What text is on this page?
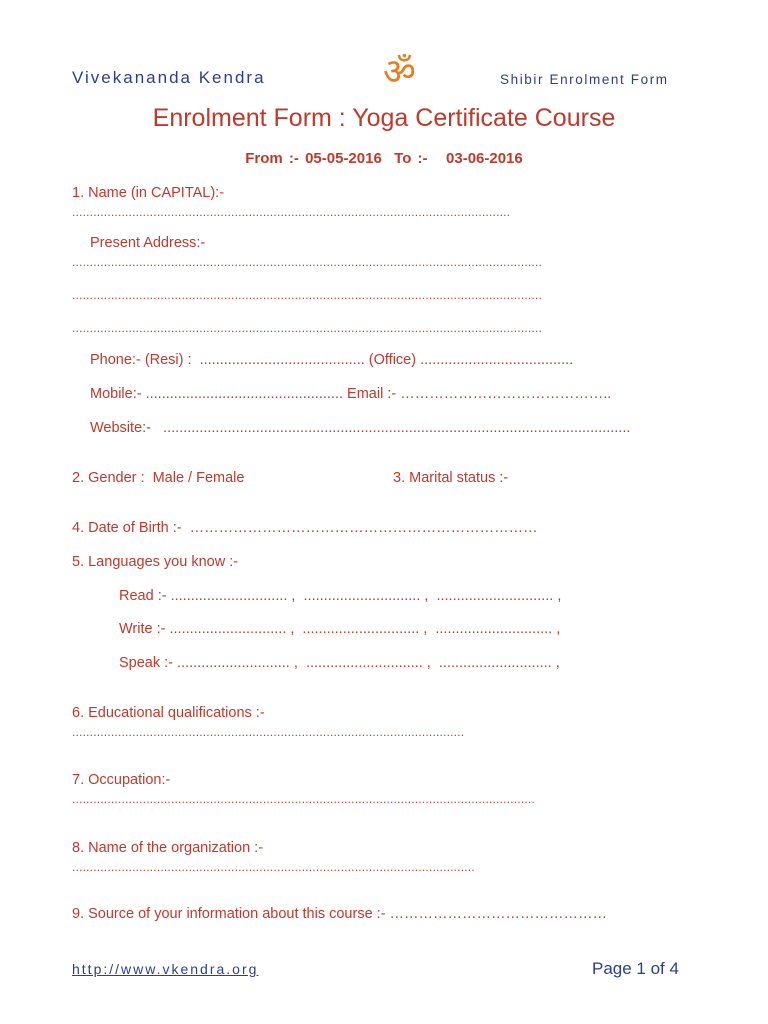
Vivekananda Kendra	ॐ	Shibir Enrolment Form
Enrolment Form : Yoga Certificate Course
From :- 05-05-2016  To :-   03-06-2016
1. Name (in CAPITAL):-
............................................................................................................................
Present Address:-
.....................................................................................................................................
.....................................................................................................................................
.....................................................................................................................................
Phone:- (Resi) :  ......................................... (Office) ......................................
Mobile:- ................................................. Email :- ……………………………………..
Website:-   ....................................................................................................................
2. Gender :  Male / Female	3. Marital status :-
4. Date of Birth :-  ………………………………………………………………
5. Languages you know :-
Read :- ............................. ,  ............................. ,  ............................. ,
Write :- ............................. ,  ............................. ,  ............................. ,
Speak :- ............................ ,  ............................. ,  ............................ ,
6. Educational qualifications :-
...............................................................................................................
7. Occupation:-
...................................................................................................................................
8. Name of the organization :-
..................................................................................................................
9. Source of your information about this course :- ………………………………………
http://www.vkendra.org	Page 1 of 4
